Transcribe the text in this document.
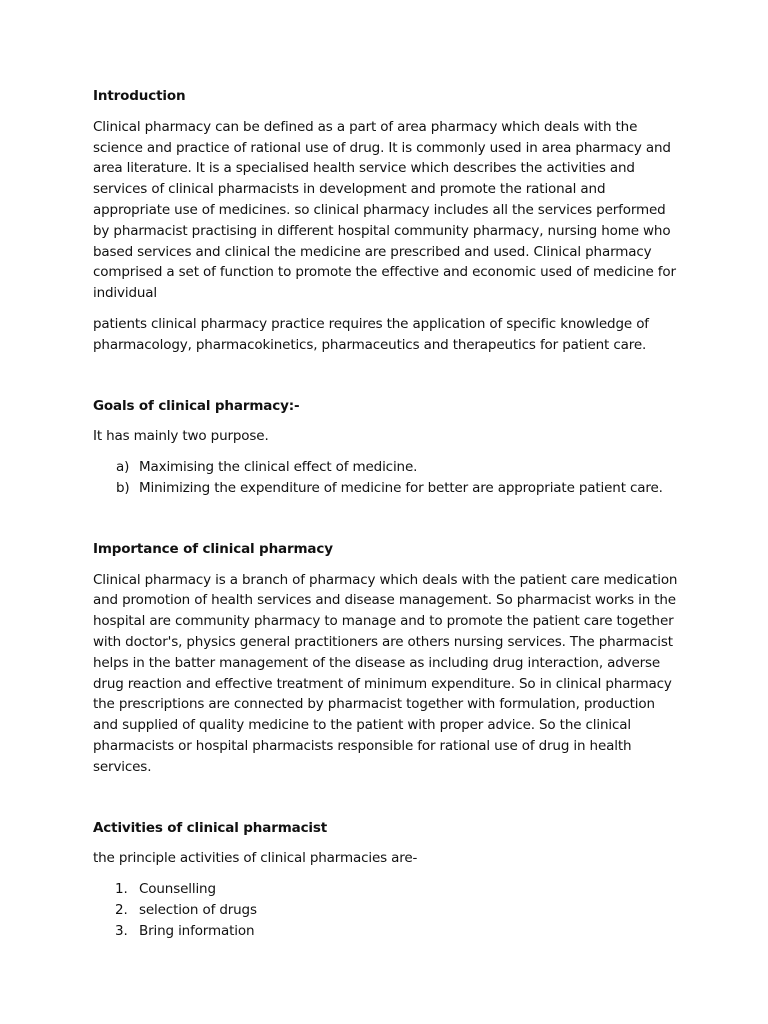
Introduction

Clinical pharmacy can be defined as a part of area pharmacy which deals with the science and practice of rational use of drug. It is commonly used in area pharmacy and area literature. It is a specialised health service which describes the activities and services of clinical pharmacists in development and promote the rational and appropriate use of medicines. so clinical pharmacy includes all the services performed by pharmacist practising in different hospital community pharmacy, nursing home who based services and clinical the medicine are prescribed and used. Clinical pharmacy comprised a set of function to promote the effective and economic used of medicine for individual

patients clinical pharmacy practice requires the application of specific knowledge of pharmacology, pharmacokinetics, pharmaceutics and therapeutics for patient care.

Goals of clinical pharmacy:-

It has mainly two purpose.

a) Maximising the clinical effect of medicine.
b) Minimizing the expenditure of medicine for better are appropriate patient care.
Importance of clinical pharmacy

Clinical pharmacy is a branch of pharmacy which deals with the patient care medication and promotion of health services and disease management. So pharmacist works in the hospital are community pharmacy to manage and to promote the patient care together with doctor's, physics general practitioners are others nursing services. The pharmacist helps in the batter management of the disease as including drug interaction, adverse drug reaction and effective treatment of minimum expenditure. So in clinical pharmacy the prescriptions are connected by pharmacist together with formulation, production and supplied of quality medicine to the patient with proper advice. So the clinical pharmacists or hospital pharmacists responsible for rational use of drug in health services.

Activities of clinical pharmacist

the principle activities of clinical pharmacies are-

1. Counselling
2. selection of drugs
3. Bring information
